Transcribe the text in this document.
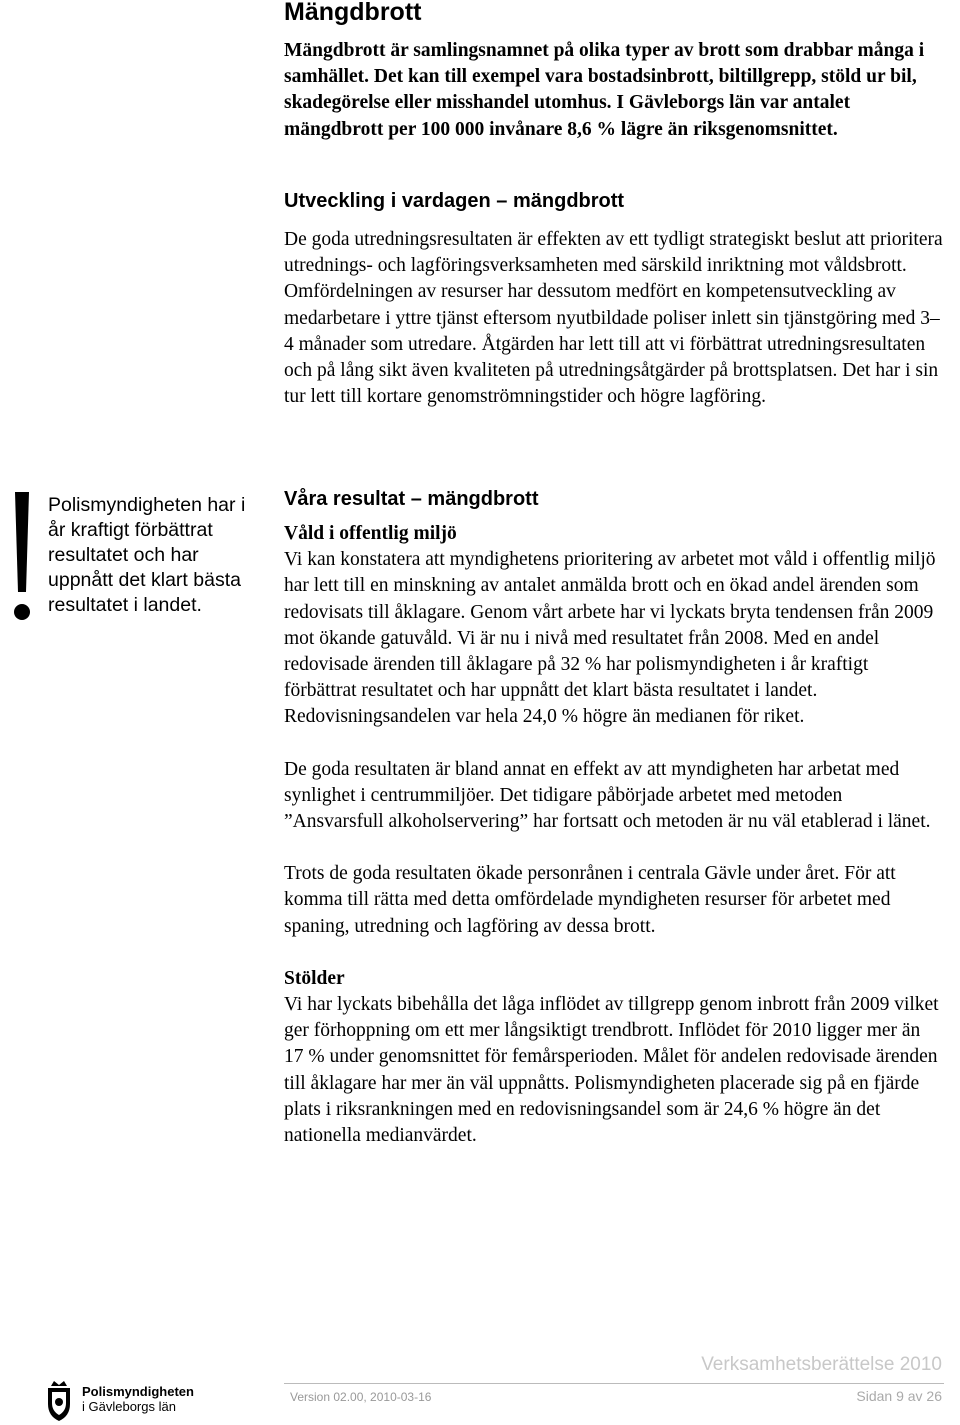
Mängdbrott

Mängdbrott är samlingsnamnet på olika typer av brott som drabbar många i samhället. Det kan till exempel vara bostadsinbrott, biltillgrepp, stöld ur bil, skadegörelse eller misshandel utomhus. I Gävleborgs län var antalet mängdbrott per 100 000 invånare 8,6 % lägre än riksgenomsnittet.

Utveckling i vardagen – mängdbrott

De goda utredningsresultaten är effekten av ett tydligt strategiskt beslut att prioritera utrednings- och lagföringsverksamheten med särskild inriktning mot våldsbrott. Omfördelningen av resurser har dessutom medfört en kompetensutveckling av medarbetare i yttre tjänst eftersom nyutbildade poliser inlett sin tjänstgöring med 3–4 månader som utredare. Åtgärden har lett till att vi förbättrat utredningsresultaten och på lång sikt även kvaliteten på utredningsåtgärder på brottsplatsen. Det har i sin tur lett till kortare genomströmningstider och högre lagföring.

Polismyndigheten har i år kraftigt förbättrat resultatet och har uppnått det klart bästa resultatet i landet.

Våra resultat – mängdbrott

Våld i offentlig miljö

Vi kan konstatera att myndighetens prioritering av arbetet mot våld i offentlig miljö har lett till en minskning av antalet anmälda brott och en ökad andel ärenden som redovisats till åklagare. Genom vårt arbete har vi lyckats bryta tendensen från 2009 mot ökande gatuvåld. Vi är nu i nivå med resultatet från 2008. Med en andel redovisade ärenden till åklagare på 32 % har polismyndigheten i år kraftigt förbättrat resultatet och har uppnått det klart bästa resultatet i landet. Redovisningsandelen var hela 24,0 % högre än medianen för riket.

De goda resultaten är bland annat en effekt av att myndigheten har arbetat med synlighet i centrummiljöer. Det tidigare påbörjade arbetet med metoden ”Ansvarsfull alkoholservering” har fortsatt och metoden är nu väl etablerad i länet.

Trots de goda resultaten ökade personrånen i centrala Gävle under året. För att komma till rätta med detta omfördelade myndigheten resurser för arbetet med spaning, utredning och lagföring av dessa brott.

Stölder

Vi har lyckats bibehålla det låga inflödet av tillgrepp genom inbrott från 2009 vilket ger förhoppning om ett mer långsiktigt trendbrott. Inflödet för 2010 ligger mer än 17 % under genomsnittet för femårsperioden. Målet för andelen redovisade ärenden till åklagare har mer än väl uppnåtts. Polismyndigheten placerade sig på en fjärde plats i riksrankningen med en redovisningsandel som är 24,6 % högre än det nationella medianvärdet.

Verksamhetsberättelse 2010
Polismyndigheten
i Gävleborgs län
Version 02.00, 2010-03-16	Sidan 9 av 26
